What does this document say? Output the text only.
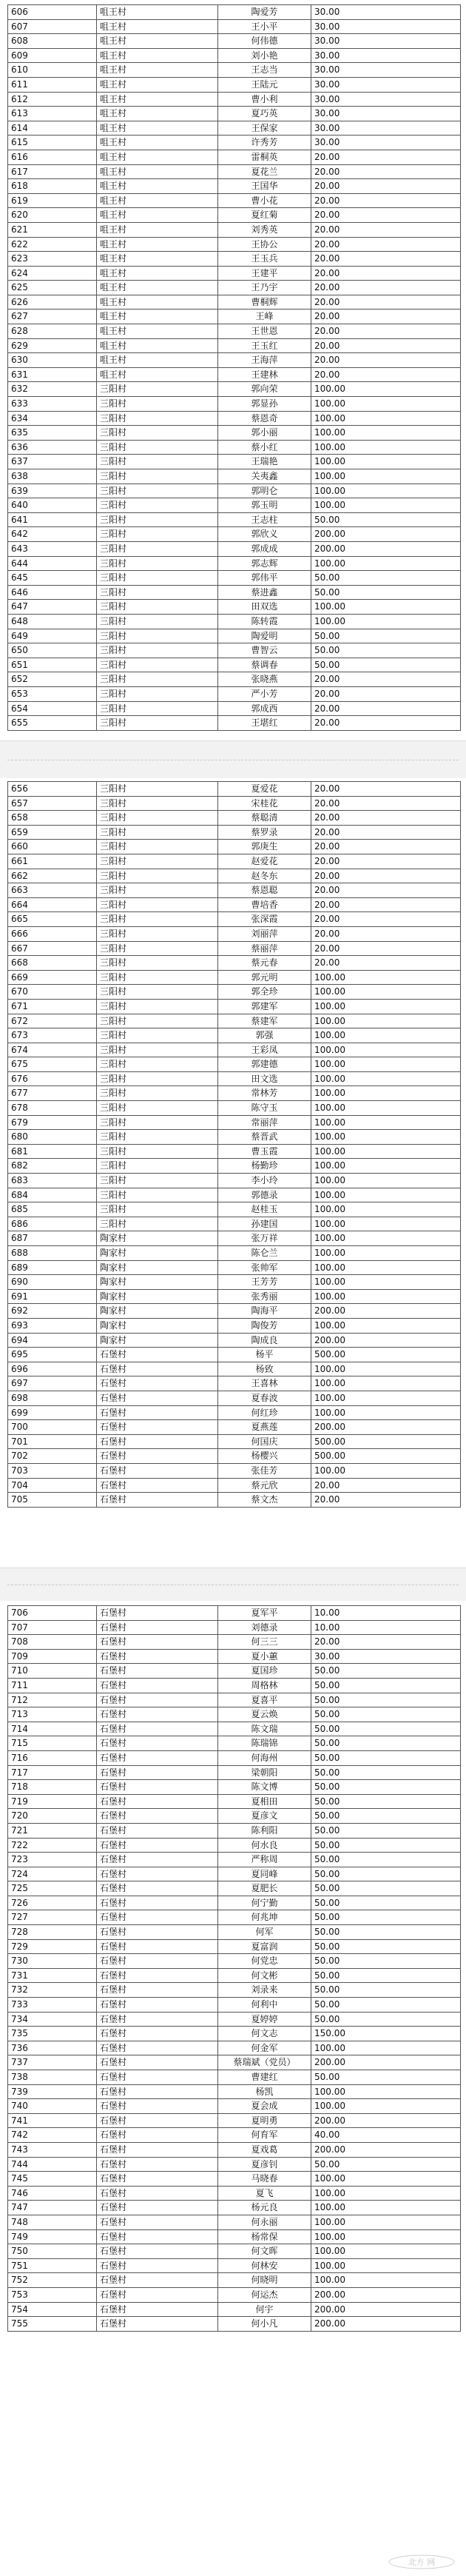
606	咀王村	陶爱芳	30.00
607	咀王村	王小平	30.00
608	咀王村	何伟德	30.00
609	咀王村	刘小艳	30.00
610	咀王村	王志当	30.00
611	咀王村	王陆元	30.00
612	咀王村	曹小利	30.00
613	咀王村	夏巧英	30.00
614	咀王村	王保家	30.00
615	咀王村	许秀芳	30.00
616	咀王村	雷桐英	20.00
617	咀王村	夏花兰	20.00
618	咀王村	王国华	20.00
619	咀王村	曹小花	20.00
620	咀王村	夏红菊	20.00
621	咀王村	刘秀英	20.00
622	咀王村	王协公	20.00
623	咀王村	王玉兵	20.00
624	咀王村	王建平	20.00
625	咀王村	王乃宇	20.00
626	咀王村	曹桐辉	20.00
627	咀王村	王峰	20.00
628	咀王村	王世恩	20.00
629	咀王村	王玉红	20.00
630	咀王村	王海萍	20.00
631	咀王村	王建林	20.00
632	三阳村	郭向荣	100.00
633	三阳村	郭显孙	100.00
634	三阳村	蔡恩奇	100.00
635	三阳村	郭小丽	100.00
636	三阳村	蔡小红	100.00
637	三阳村	王瑞艳	100.00
638	三阳村	关夷鑫	100.00
639	三阳村	郭明仑	100.00
640	三阳村	郭玉明	100.00
641	三阳村	王志柱	50.00
642	三阳村	郭欣义	200.00
643	三阳村	郭成成	200.00
644	三阳村	郭志辉	100.00
645	三阳村	郭伟平	50.00
646	三阳村	蔡进鑫	50.00
647	三阳村	田双选	100.00
648	三阳村	陈转霞	100.00
649	三阳村	陶爱明	50.00
650	三阳村	曹智云	50.00
651	三阳村	蔡调春	50.00
652	三阳村	张晓燕	20.00
653	三阳村	严小芳	20.00
654	三阳村	郭成西	20.00
655	三阳村	王堪红	20.00
656	三阳村	夏爱花	20.00
657	三阳村	宋桂花	20.00
658	三阳村	蔡聪清	20.00
659	三阳村	蔡罗录	20.00
660	三阳村	郭庚生	20.00
661	三阳村	赵爱花	20.00
662	三阳村	赵冬东	20.00
663	三阳村	蔡恩聪	20.00
664	三阳村	曹培香	20.00
665	三阳村	张深霞	20.00
666	三阳村	刘丽萍	20.00
667	三阳村	蔡丽萍	20.00
668	三阳村	蔡元春	20.00
669	三阳村	郭元明	100.00
670	三阳村	郭全珍	100.00
671	三阳村	郭建军	100.00
672	三阳村	蔡建军	100.00
673	三阳村	郭强	100.00
674	三阳村	王彩凤	100.00
675	三阳村	郭建德	100.00
676	三阳村	田文选	100.00
677	三阳村	常林芳	100.00
678	三阳村	陈守玉	100.00
679	三阳村	常丽萍	100.00
680	三阳村	蔡晋武	100.00
681	三阳村	曹玉霞	100.00
682	三阳村	杨勤珍	100.00
683	三阳村	李小玲	100.00
684	三阳村	郭德录	100.00
685	三阳村	赵桂玉	100.00
686	三阳村	孙建国	100.00
687	陶家村	张万祥	100.00
688	陶家村	陈仑兰	100.00
689	陶家村	张帅军	100.00
690	陶家村	王芳芳	100.00
691	陶家村	张秀丽	100.00
692	陶家村	陶海平	200.00
693	陶家村	陶俊芳	100.00
694	陶家村	陶成良	200.00
695	石堡村	杨平	500.00
696	石堡村	杨致	100.00
697	石堡村	王喜林	100.00
698	石堡村	夏春波	100.00
699	石堡村	何红珍	100.00
700	石堡村	夏燕莲	200.00
701	石堡村	何国庆	500.00
702	石堡村	杨樱兴	500.00
703	石堡村	张佳芳	100.00
704	石堡村	蔡元欣	20.00
705	石堡村	蔡文杰	20.00
706	石堡村	夏军平	10.00
707	石堡村	刘德录	10.00
708	石堡村	何三三	20.00
709	石堡村	夏小蕙	30.00
710	石堡村	夏国珍	50.00
711	石堡村	周格林	50.00
712	石堡村	夏喜平	50.00
713	石堡村	夏云焕	50.00
714	石堡村	陈文瑞	50.00
715	石堡村	陈瑞锦	50.00
716	石堡村	何海州	50.00
717	石堡村	梁朝阳	50.00
718	石堡村	陈文博	50.00
719	石堡村	夏相田	50.00
720	石堡村	夏彦文	50.00
721	石堡村	陈利阳	50.00
722	石堡村	何水良	50.00
723	石堡村	严称周	50.00
724	石堡村	夏同峰	50.00
725	石堡村	夏肥长	50.00
726	石堡村	何宁勤	50.00
727	石堡村	何兆坤	50.00
728	石堡村	何军	50.00
729	石堡村	夏富润	50.00
730	石堡村	何党忠	50.00
731	石堡村	何文彬	50.00
732	石堡村	刘录来	50.00
733	石堡村	何利中	50.00
734	石堡村	夏婷婷	50.00
735	石堡村	何文志	150.00
736	石堡村	何金军	100.00
737	石堡村	蔡瑞斌（党员）	200.00
738	石堡村	曹建红	50.00
739	石堡村	杨凯	100.00
740	石堡村	夏会成	100.00
741	石堡村	夏明勇	200.00
742	石堡村	何育军	40.00
743	石堡村	夏戏葛	200.00
744	石堡村	夏彦钊	50.00
745	石堡村	马晓春	100.00
746	石堡村	夏飞	100.00
747	石堡村	杨元良	100.00
748	石堡村	何永丽	100.00
749	石堡村	杨常保	100.00
750	石堡村	何文晖	100.00
751	石堡村	何林安	100.00
752	石堡村	何晓明	100.00
753	石堡村	何运杰	200.00
754	石堡村	何宇	200.00
755	石堡村	何小凡	200.00
北方 网
